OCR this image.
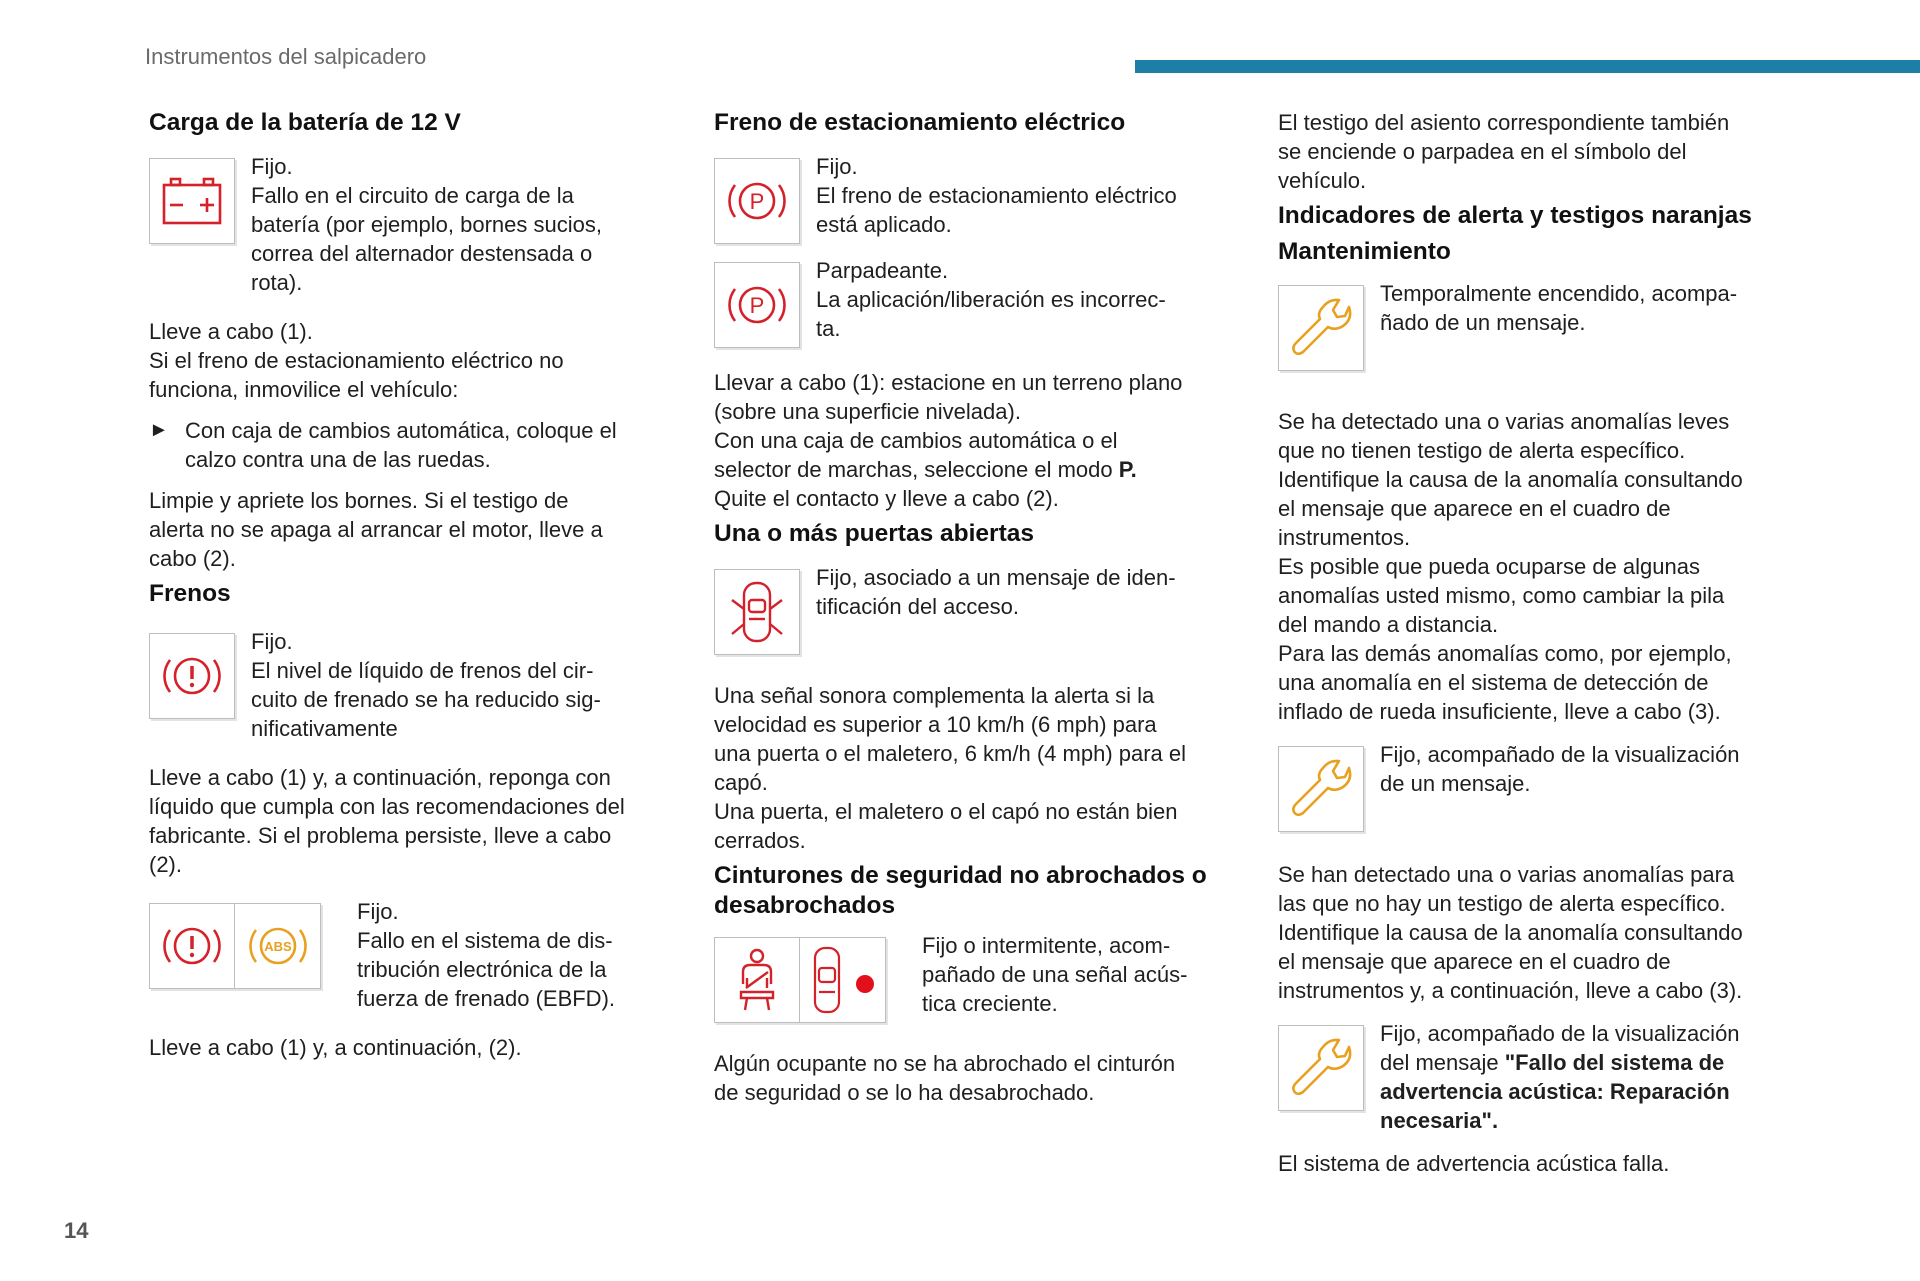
Instrumentos del salpicadero
Carga de la batería de 12 V
Fijo.
Fallo en el circuito de carga de la
batería (por ejemplo, bornes sucios,
correa del alternador destensada o
rota).
Lleve a cabo (1).
Si el freno de estacionamiento eléctrico no
funciona, inmovilice el vehículo:
► Con caja de cambios automática, coloque el
calzo contra una de las ruedas.
Limpie y apriete los bornes. Si el testigo de
alerta no se apaga al arrancar el motor, lleve a
cabo (2).
Frenos
Fijo.
El nivel de líquido de frenos del cir-
cuito de frenado se ha reducido sig-
nificativamente
Lleve a cabo (1) y, a continuación, reponga con
líquido que cumpla con las recomendaciones del
fabricante. Si el problema persiste, lleve a cabo
(2).
ABS
Fijo.
Fallo en el sistema de dis-
tribución electrónica de la
fuerza de frenado (EBFD).
Lleve a cabo (1) y, a continuación, (2).
Freno de estacionamiento eléctrico
P
Fijo.
El freno de estacionamiento eléctrico
está aplicado.
P
Parpadeante.
La aplicación/liberación es incorrec-
ta.
Llevar a cabo (1): estacione en un terreno plano
(sobre una superficie nivelada).
Con una caja de cambios automática o el
selector de marchas, seleccione el modo P.
Quite el contacto y lleve a cabo (2).
Una o más puertas abiertas
Fijo, asociado a un mensaje de iden-
tificación del acceso.
Una señal sonora complementa la alerta si la
velocidad es superior a 10 km/h (6 mph) para
una puerta o el maletero, 6 km/h (4 mph) para el
capó.
Una puerta, el maletero o el capó no están bien
cerrados.
Cinturones de seguridad no abrochados o
desabrochados
Fijo o intermitente, acom-
pañado de una señal acús-
tica creciente.
Algún ocupante no se ha abrochado el cinturón
de seguridad o se lo ha desabrochado.
El testigo del asiento correspondiente también
se enciende o parpadea en el símbolo del
vehículo.
Indicadores de alerta y testigos naranjas
Mantenimiento
Temporalmente encendido, acompa-
ñado de un mensaje.
Se ha detectado una o varias anomalías leves
que no tienen testigo de alerta específico.
Identifique la causa de la anomalía consultando
el mensaje que aparece en el cuadro de
instrumentos.
Es posible que pueda ocuparse de algunas
anomalías usted mismo, como cambiar la pila
del mando a distancia.
Para las demás anomalías como, por ejemplo,
una anomalía en el sistema de detección de
inflado de rueda insuficiente, lleve a cabo (3).
Fijo, acompañado de la visualización
de un mensaje.
Se han detectado una o varias anomalías para
las que no hay un testigo de alerta específico.
Identifique la causa de la anomalía consultando
el mensaje que aparece en el cuadro de
instrumentos y, a continuación, lleve a cabo (3).
Fijo, acompañado de la visualización
del mensaje "Fallo del sistema de
advertencia acústica: Reparación
necesaria".
El sistema de advertencia acústica falla.
14
